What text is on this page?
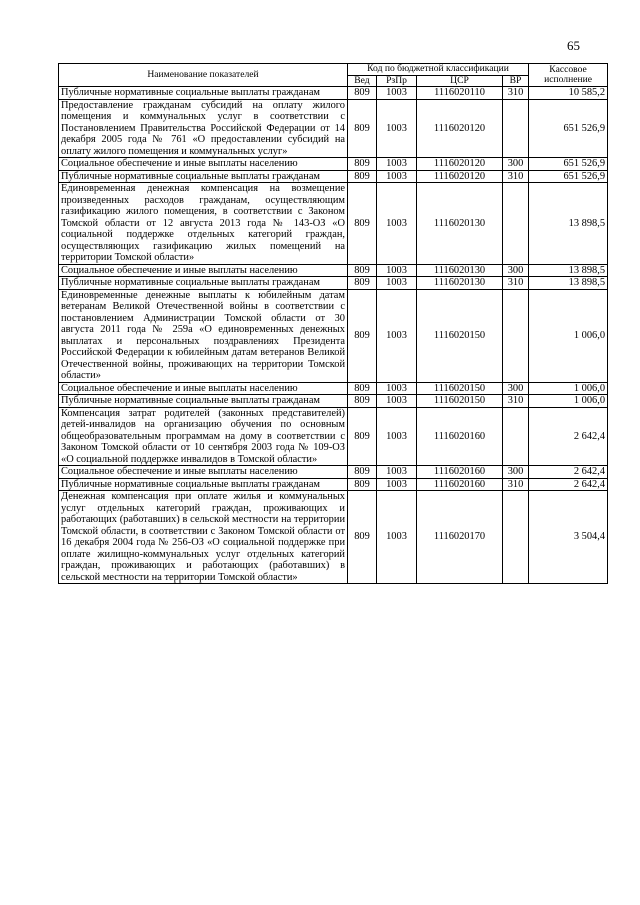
65
Наименование показателей	Код по бюджетной классификации				Кассовое исполнение
	Вед	РзПр	ЦСР	ВР	
Публичные нормативные социальные выплаты гражданам	809	1003	1116020110	310	10 585,2
Предоставление гражданам субсидий на оплату жилого помещения и коммунальных услуг в соответствии с Постановлением Правительства Российской Федерации от 14 декабря 2005 года № 761 «О предоставлении субсидий на оплату жилого помещения и коммунальных услуг»	809	1003	1116020120		651 526,9
Социальное обеспечение и иные выплаты населению	809	1003	1116020120	300	651 526,9
Публичные нормативные социальные выплаты гражданам	809	1003	1116020120	310	651 526,9
Единовременная денежная компенсация на возмещение произведенных расходов гражданам, осуществляющим газификацию жилого помещения, в соответствии с Законом Томской области от 12 августа 2013 года № 143-ОЗ «О социальной поддержке отдельных категорий граждан, осуществляющих газификацию жилых помещений на территории Томской области»	809	1003	1116020130		13 898,5
Социальное обеспечение и иные выплаты населению	809	1003	1116020130	300	13 898,5
Публичные нормативные социальные выплаты гражданам	809	1003	1116020130	310	13 898,5
Единовременные денежные выплаты к юбилейным датам ветеранам Великой Отечественной войны в соответствии с постановлением Администрации Томской области от 30 августа 2011 года № 259а «О единовременных денежных выплатах и персональных поздравлениях Президента Российской Федерации к юбилейным датам ветеранов Великой Отечественной войны, проживающих на территории Томской области»	809	1003	1116020150		1 006,0
Социальное обеспечение и иные выплаты населению	809	1003	1116020150	300	1 006,0
Публичные нормативные социальные выплаты гражданам	809	1003	1116020150	310	1 006,0
Компенсация затрат родителей (законных представителей) детей-инвалидов на организацию обучения по основным общеобразовательным программам на дому в соответствии с Законом Томской области от 10 сентября 2003 года № 109-ОЗ «О социальной поддержке инвалидов в Томской области»	809	1003	1116020160		2 642,4
Социальное обеспечение и иные выплаты населению	809	1003	1116020160	300	2 642,4
Публичные нормативные социальные выплаты гражданам	809	1003	1116020160	310	2 642,4
Денежная компенсация при оплате жилья и коммунальных услуг отдельных категорий граждан, проживающих и работающих (работавших) в сельской местности на территории Томской области, в соответствии с Законом Томской области от 16 декабря 2004 года № 256-ОЗ «О социальной поддержке при оплате жилищно-коммунальных услуг отдельных категорий граждан, проживающих и работающих (работавших) в сельской местности на территории Томской области»	809	1003	1116020170		3 504,4
